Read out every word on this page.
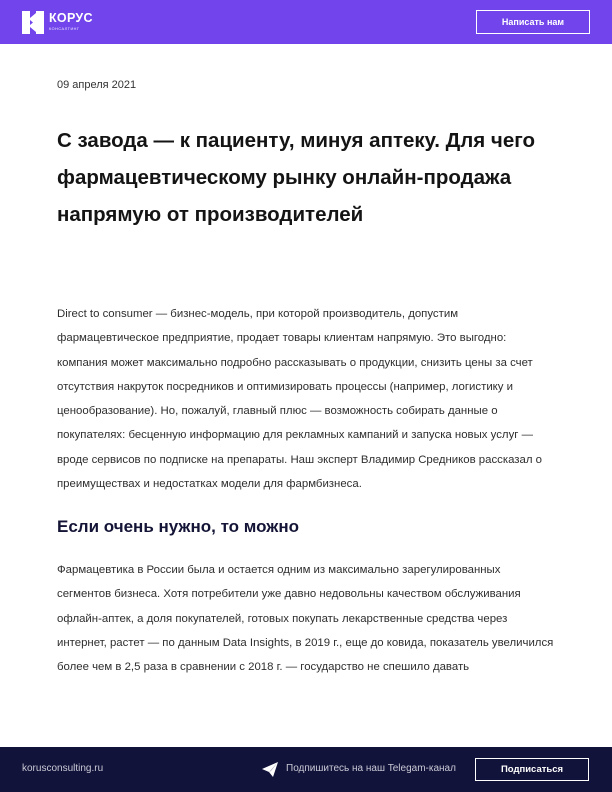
КОРУС
КОНСАЛТИНГ
Написать нам
09 апреля 2021
С завода — к пациенту, минуя аптеку. Для чего фармацевтическому рынку онлайн-продажа напрямую от производителей

Direct to consumer — бизнес-модель, при которой производитель, допустим фармацевтическое предприятие, продает товары клиентам напрямую. Это выгодно: компания может максимально подробно рассказывать о продукции, снизить цены за счет отсутствия накруток посредников и оптимизировать процессы (например, логистику и ценообразование). Но, пожалуй, главный плюс — возможность собирать данные о покупателях: бесценную информацию для рекламных кампаний и запуска новых услуг — вроде сервисов по подписке на препараты. Наш эксперт Владимир Средников рассказал о преимуществах и недостатках модели для фармбизнеса.

Если очень нужно, то можно

Фармацевтика в России была и остается одним из максимально зарегулированных сегментов бизнеса. Хотя потребители уже давно недовольны качеством обслуживания офлайн-аптек, а доля покупателей, готовых покупать лекарственные средства через интернет, растет — по данным Data Insights, в 2019 г., еще до ковида, показатель увеличился более чем в 2,5 раза в сравнении с 2018 г. — государство не спешило давать

korusconsulting.ru	Подпишитесь на наш Telegam-канал	Подписаться
